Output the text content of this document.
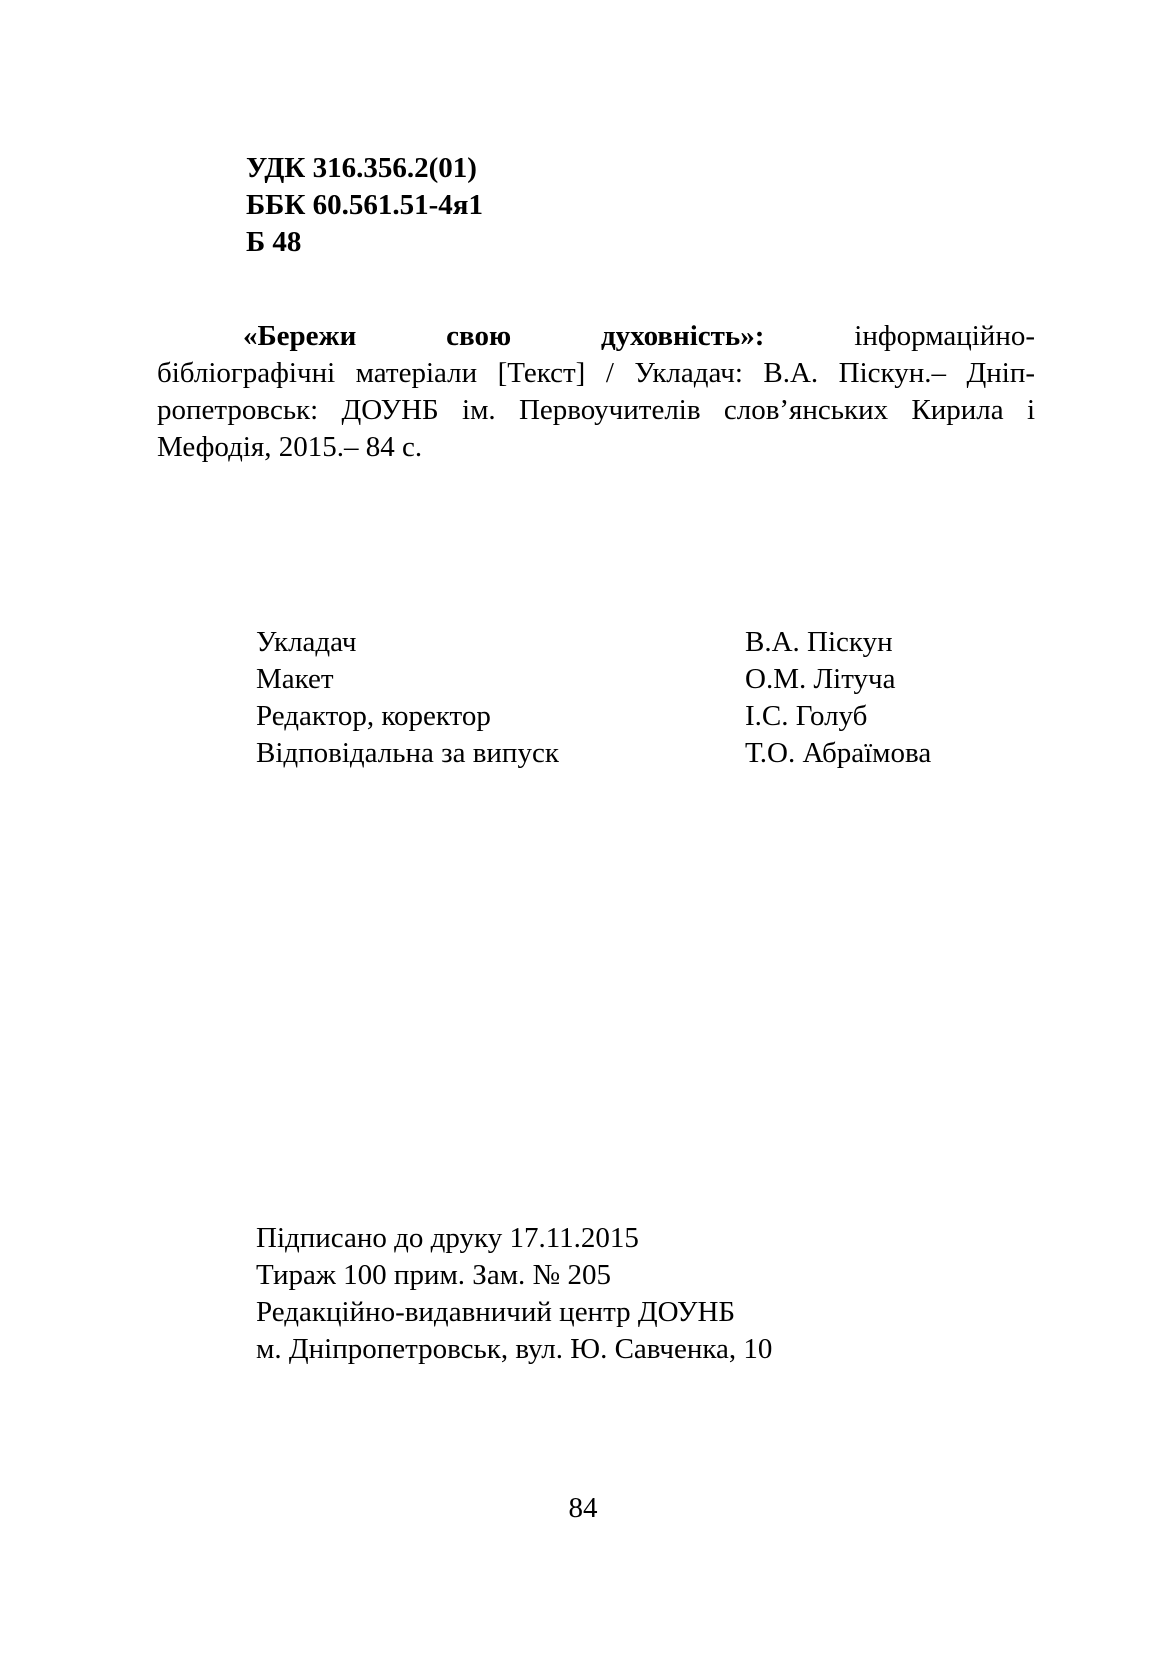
УДК 316.356.2(01)
ББК 60.561.51-4я1
Б 48
«Бережи свою духовність»:	інформаційно-
бібліографічні матеріали [Текст] / Укладач: В.А. Піскун.– Дніп-
ропетровськ: ДОУНБ ім. Первоучителів слов’янських Кирила і
Мефодія, 2015.– 84 с.
Укладач	В.А. Піскун
Макет	О.М. Літуча
Редактор, коректор	І.С. Голуб
Відповідальна за випуск	Т.О. Абраїмова
Підписано до друку 17.11.2015
Тираж 100 прим. Зам. № 205
Редакційно-видавничий центр ДОУНБ
м. Дніпропетровськ, вул. Ю. Савченка, 10
84
